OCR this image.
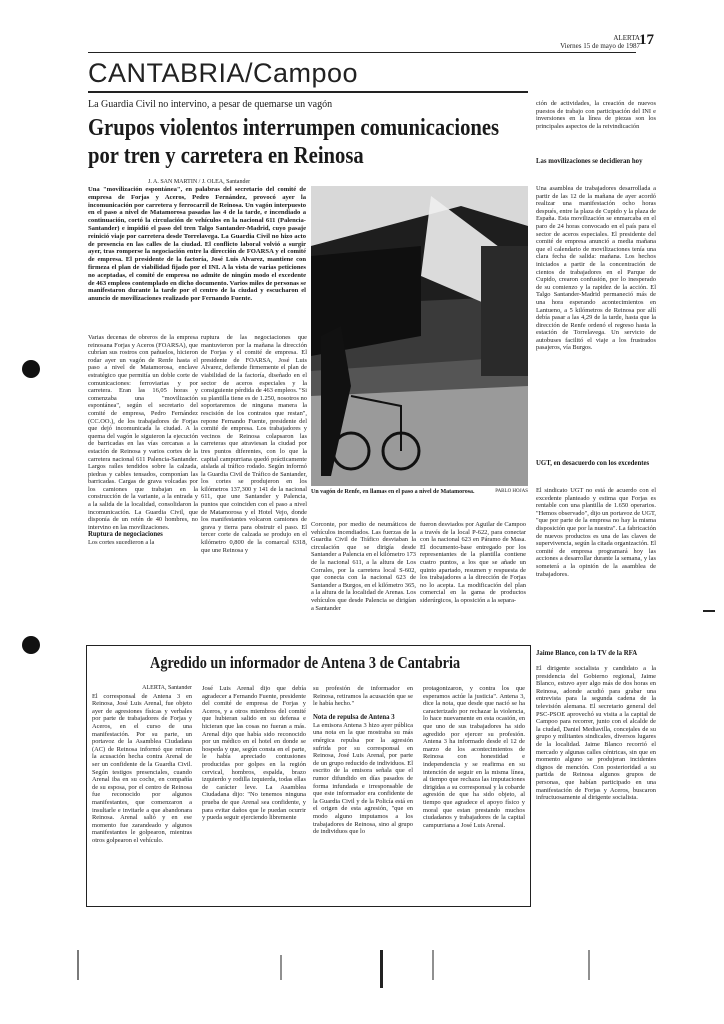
ALERTA
Viernes 15 de mayo de 1987 17
CANTABRIA/Campoo
La Guardia Civil no intervino, a pesar de quemarse un vagón
Grupos violentos interrumpen comunicaciones
por tren y carretera en Reinosa
J. A. SAN MARTIN / J. OLEA, Santander
Una "movilización espontánea", en palabras del secretario del comité de empresa de Forjas y Aceros, Pedro Fernández, provocó ayer la incomunicación por carretera y ferrocarril de Reinosa. Un vagón interpuesto en el paso a nivel de Matamorosa pasadas las 4 de la tarde, e incendiado a continuación, cortó la circulación de vehículos en la nacional 611 (Palencia-Santander) e impidió el paso del tren Talgo Santander-Madrid, cuyo pasaje reinició viaje por carretera desde Torrelavega. La Guardia Civil no hizo acto de presencia en las calles de la ciudad. El conflicto laboral volvió a surgir ayer, tras romperse la negociación entre la dirección de FOARSA y el comité de empresa. El presidente de la factoría, José Luis Alvarez, mantiene con firmeza el plan de viabilidad fijado por el INI. A la vista de varias peticiones no aceptadas, el comité de empresa no admite de ningún modo el excedente de 463 empleos contemplado en dicho documento. Varios miles de personas se manifestaron durante la tarde por el centro de la ciudad y escucharon el anuncio de movilizaciones realizado por Fernando Fuente.
Varias decenas de obreros de la empresa reinosana Forjas y Aceros (FOARSA), que cubrían sus rostros con pañuelos, hicieron rodar ayer un vagón de Renfe hasta el paso a nivel de Matamorosa, enclave estratégico que permitía un doble corte de comunicaciones: ferroviarias y por carretera. Eran las 16,05 horas y comenzaba una "movilización espontánea", según el secretario del comité de empresa, Pedro Fernández (CC.OO.), de los trabajadores de Forjas que dejó incomunicada la ciudad. A la quema del vagón le siguieron la ejecución de barricadas en las vías cercanas a la estación de Reinosa y varios cortes de la carretera nacional 611 Palencia-Santander. Largos raíles tendidos sobre la calzada, piedras y cables tensados, componían las barricadas. Cargas de grava volcadas por los camiones que trabajan en la construcción de la variante, a la entrada y a la salida de la localidad, consolidaron la incomunicación. La Guardia Civil, que disponía de un retén de 40 hombres, no intervino en las movilizaciones.
Ruptura de negociaciones
Los cortes sucedieron a la
ruptura de las negociaciones que mantuvieron por la mañana la dirección de Forjas y el comité de empresa. El presidente de FOARSA, José Luis Alvarez, defiende firmemente el plan de viabilidad de la factoría, diseñado en el sector de aceros especiales y la consiguiente pérdida de 463 empleos. "Si su plantilla tiene es de 1.250, nosotros no soportaremos de ninguna manera la rescisión de los contratos que restan", repone Fernando Fuente, presidente del comité de empresa. Los trabajadores y vecinos de Reinosa colapsaron las carreteras que atraviesan la ciudad por tres puntos diferentes, con lo que la capital campurriana quedó prácticamente aislada al tráfico rodado. Según informó la Guardia Civil de Tráfico de Santander, los cortes se produjeron en los kilómetros 137,300 y 141 de la nacional 611, que une Santander y Palencia, puntos que coinciden con el paso a nivel de Matamorosa y el Hotel Vejo, donde los manifestantes volcaron camiones de grava y tierra para obstruir el paso. El tercer corte de calzada se produjo en el kilómetro 0,800 de la comarcal 6318, que une Reinosa y
Corconte, por medio de neumáticos de vehículos incendiados. Las fuerzas de la Guardia Civil de Tráfico desviaban la circulación que se dirigía desde Santander a Palencia en el kilómetro 173 de la nacional 611, a la altura de Los Corrales, por la carretera local S-602, que conecta con la nacional 623 de Santander a Burgos, en el kilómetro 365, a la altura de la localidad de Arenas. Los vehículos que desde Palencia se dirigían a Santander
fueron desviados por Aguilar de Campoo a través de la local P-622, para conectar con la nacional 623 en Páramo de Masa. El documento-base entregado por los representantes de la plantilla contiene cuatro puntos, a los que se añade un quinto apartado, resumen y respuesta de los trabajadores a la dirección de Forjas no lo acepta. La modificación del plan comercial en la gama de productos siderúrgicos, la oposición a la separa-
ción de actividades, la creación de nuevos puestos de trabajo con participación del INI e inversiones en la línea de piezas son los principales aspectos de la reivindicación
Las movilizaciones se decidieran hoy
Una asamblea de trabajadores desarrollada a partir de las 12 de la mañana de ayer acordó realizar una manifestación ocho horas después, entre la plaza de Cupido y la plaza de España. Esta movilización se enmarcaba en el paro de 24 horas convocado en el país para el sector de aceros especiales. El presidente del comité de empresa anunció a media mañana que el calendario de movilizaciones tenía una clara fecha de salida: mañana. Los hechos iniciados a partir de la concentración de cientos de trabajadores en el Parque de Cupido, crearon confusión, por lo inesperado de su comienzo y la rapidez de la acción. El Talgo Santander-Madrid permaneció más de una hora esperando acontecimientos en Lantueno, a 5 kilómetros de Reinosa por allí debía pasar a las 4,29 de la tarde, hasta que la dirección de Renfe ordenó el regreso hasta la estación de Torrelavega. Un servicio de autobuses facilitó el viaje a los frustrados pasajeros, vía Burgos.
UGT, en desacuerdo con los excedentes
El sindicato UGT no está de acuerdo con el excedente planteado y estima que Forjas es rentable con una plantilla de 1.650 operarios. "Hemos observado", dijo un portavoz de UGT, "que por parte de la empresa no hay la misma disposición que por la nuestra". La fabricación de nuevos productos es una de las claves de supervivencia, según la citada organización. El comité de empresa programará hoy las acciones a desarrollar durante la semana, y las someterá a la opinión de la asamblea de trabajadores.
Jaime Blanco, con la TV de la RFA
El dirigente socialista y candidato a la presidencia del Gobierno regional, Jaime Blanco, estuvo ayer algo más de dos horas en Reinosa, adonde acudió para grabar una entrevista para la segunda cadena de la televisión alemana. El secretario general del PSC-PSOE aprovechó su visita a la capital de Campoo para recorrer, junto con el alcalde de la ciudad, Daniel Mediavilla, concejales de su grupo y militantes sindicales, diversos lugares de la localidad. Jaime Blanco recorrió el mercado y algunas calles céntricas, sin que en momento alguno se produjeran incidentes dignos de mención. Con posterioridad a su partida de Reinosa algunos grupos de personas, que habían participado en una manifestación de Forjas y Aceros, buscaron infructuosamente al dirigente socialista.
Un vagón de Renfe, en llamas en el paso a nivel de Matamorosa.	PABLO HOJAS
Agredido un informador de Antena 3 de Cantabria
ALERTA, Santander
El corresponsal de Antena 3 en Reinosa, José Luis Arenal, fue objeto ayer de agresiones físicas y verbales por parte de trabajadores de Forjas y Aceros, en el curso de una manifestación. Por su parte, un portavoz de la Asamblea Ciudadana (AC) de Reinosa informó que retiran la acusación hecha contra Arenal de ser un confidente de la Guardia Civil. Según testigos presenciales, cuando Arenal iba en su coche, en compañía de su esposa, por el centro de Reinosa fue reconocido por algunos manifestantes, que comenzaron a insultarle e invitarle a que abandonara Reinosa. Arenal salió y en ese momento fue zarandeado y algunos manifestantes le golpearon, mientras otros golpearon el vehículo.
José Luis Arenal dijo que debía agradecer a Fernando Fuente, presidente del comité de empresa de Forjas y Aceros, y a otros miembros del comité que hubieran salido en su defensa e hicieran que las cosas no fueran a más. Arenal dijo que había sido reconocido por un médico en el hotel en donde se hospeda y que, según consta en el parte, le había apreciado contusiones producidas por golpes en la región cervical, hombros, espalda, brazo izquierdo y rodilla izquierda, todas ellas de carácter leve. La Asamblea Ciudadana dijo: "No tenemos ninguna prueba de que Arenal sea confidente, y para evitar daños que le puedan ocurrir y pueda seguir ejerciendo libremente
su profesión de informador en Reinosa, retiramos la acusación que se le había hecho."
Nota de repulsa de Antena 3
La emisora Antena 3 hizo ayer pública una nota en la que mostraba su más enérgica repulsa por la agresión sufrida por su corresponsal en Reinosa, José Luis Arenal, por parte de un grupo reducido de individuos. El escrito de la emisora señala que el rumor difundido en días pasados de forma infundada e irresponsable de que este informador era confidente de la Guardia Civil y de la Policía está en el origen de esta agresión, "que en modo alguno imputamos a los trabajadores de Reinosa, sino al grupo de individuos que lo
protagonizaron, y contra los que esperamos actúe la justicia". Antena 3, dice la nota, que desde que nació se ha caracterizado por rechazar la violencia, lo hace nuevamente en esta ocasión, en que uno de sus trabajadores ha sido agredido por ejercer su profesión. Antena 3 ha informado desde el 12 de marzo de los acontecimientos de Reinosa con honestidad e independencia y se reafirma en su intención de seguir en la misma línea, al tiempo que rechaza las imputaciones dirigidas a su corresponsal y la cobarde agresión de que ha sido objeto, al tiempo que agradece el apoyo físico y moral que estan prestando muchos ciudadanos y trabajadores de la capital campurriana a José Luis Arenal.
